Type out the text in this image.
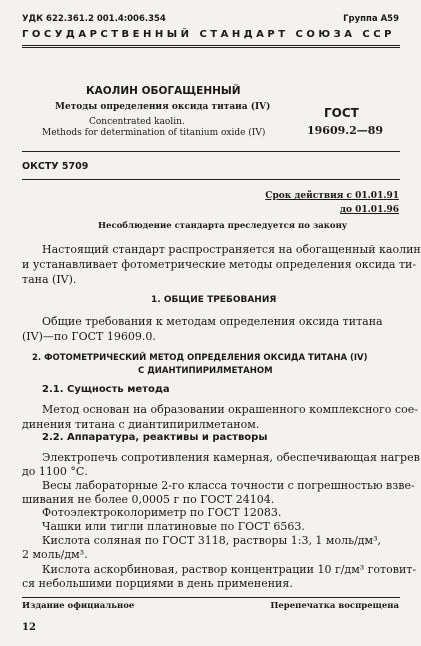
УДК 622.361.2 001.4:006.354	Группа А59
ГОСУДАРСТВЕННЫЙ СТАНДАРТ СОЮЗА ССР
КАОЛИН ОБОГАЩЕННЫЙ
Методы определения оксида титана (IV)
Concentrated kaolin.
Methods for determination of titanium oxide (IV)
ГОСТ
19609.2—89
ОКСТУ 5709
Срок действия с 01.01.91
до 01.01.96
Несоблюдение стандарта преследуется по закону
Настоящий стандарт распространяется на обогащенный каолин
и устанавливает фотометрические методы определения оксида ти-
тана (IV).
1. ОБЩИЕ ТРЕБОВАНИЯ
Общие требования к методам определения оксида титана
(IV)—по ГОСТ 19609.0.
2. ФОТОМЕТРИЧЕСКИЙ МЕТОД ОПРЕДЕЛЕНИЯ ОКСИДА ТИТАНА (IV)
С ДИАНТИПИРИЛМЕТАНОМ
2.1. Сущность метода
Метод основан на образовании окрашенного комплексного сое-
динения титана с диантипирилметаном.
2.2. Аппаратура, реактивы и растворы
Электропечь сопротивления камерная, обеспечивающая нагрев
до 1100 °С.
Весы лабораторные 2-го класса точности с погрешностью взве-
шивания не более 0,0005 г по ГОСТ 24104.
Фотоэлектроколориметр по ГОСТ 12083.
Чашки или тигли платиновые по ГОСТ 6563.
Кислота соляная по ГОСТ 3118, растворы 1:3, 1 моль/дм³,
2 моль/дм³.
Кислота аскорбиновая, раствор концентрации 10 г/дм³ готовит-
ся небольшими порциями в день применения.
Издание официальное	Перепечатка воспрещена
12
